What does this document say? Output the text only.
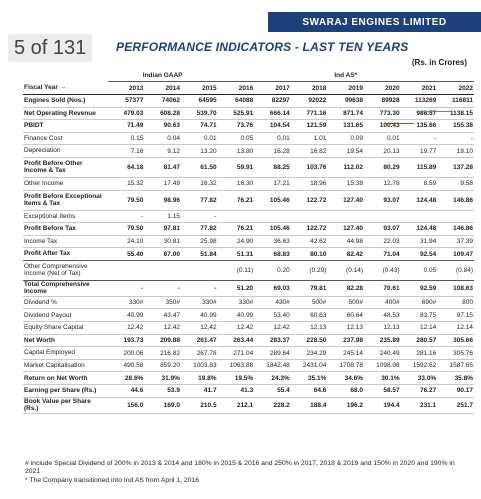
SWARAJ ENGINES LIMITED
5 of 131	PERFORMANCE INDICATORS - LAST TEN YEARS
(Rs. in Crores)
	Indian GAAP			Ind AS*						
Fiscal Year →	2013	2014	2015	2016	2017	2018	2019	2020	2021	2022
Engines Sold (Nos.)	57377	74062	64595	64088	82297	92022	99638	89928	113269	116811
Net Operating Revenue	479.03	608.28	539.70	525.91	666.14	771.16	871.74	773.30	986.57	1138.15
PBIDT	71.49	90.63	74.71	73.76	104.54	121.59	131.65	100.43	135.66	155.38
Finance Cost	0.15	0.04	0.01	0.05	0.01	1.01	0.09	0.01	-	-
Depreciation	7.16	9.12	13.20	13.80	16.28	16.82	19.54	20.13	19.77	18.10
Profit Before Other Income & Tax	64.18	81.47	61.50	59.91	88.25	103.76	112.02	80.29	115.89	137.28
Other Income	15.32	17.49	16.32	16.30	17.21	18.96	15.38	12.78	8.59	9.58
Profit Before Exceptional Items & Tax	79.50	98.96	77.82	76.21	105.46	122.72	127.40	93.07	124.48	146.86
Exceptional Items	-	1.15	-							
Profit Before Tax	79.50	97.81	77.82	76.21	105.46	122.72	127.40	93.07	124.48	146.86
Income Tax	24.10	30.81	25.98	24.90	36.63	42.62	44.98	22.03	31.94	37.39
Profit After Tax	55.40	67.00	51.84	51.31	68.83	80.10	82.42	71.04	92.54	109.47
Other Comprehensive Income (Net of Tax)				(0.11)	0.20	(0.29)	(0.14)	(0.43)	0.05	(0.84)
Total Comprehensive Income	-	-	-	51.20	69.03	79.81	82.28	70.61	92.59	108.63
Dividend %	330#	350#	330#	330#	430#	500#	500#	400#	690#	800
Dividend Payout	40.99	43.47	40.99	40.99	53.40	60.63	60.64	48.53	83.75	97.15
Equity Share Capital	12.42	12.42	12.42	12.42	12.42	12.13	12.13	12.13	12.14	12.14
Net Worth	193.73	209.88	261.47	263.44	283.37	228.50	237.98	235.89	280.57	305.66
Capital Employed	200.06	216.82	267.78	271.04	289.64	234.29	245.14	240.49	281.16	305.76
Market Capitalisation	490.58	859.20	1003.83	1063.88	1842.48	2431.04	1708.78	1098.08	1592.62	1587.65
Return on Net Worth	28.6%	31.9%	19.8%	19.5%	24.3%	35.1%	34.6%	30.1%	33.0%	35.8%
Earning per Share (Rs.)	44.6	53.9	41.7	41.3	55.4	64.6	68.0	58.57	76.27	90.17
Book Value per Share (Rs.)	156.0	169.0	210.5	212.1	228.2	188.4	196.2	194.4	231.1	251.7

# include Special Dividend of 200% in 2013 & 2014 and 180% in 2015 & 2016 and 250% in 2017, 2018 & 2019 and 150% in 2020 and 190% in 2021

* The Company transitioned into Ind AS from April 1, 2016
